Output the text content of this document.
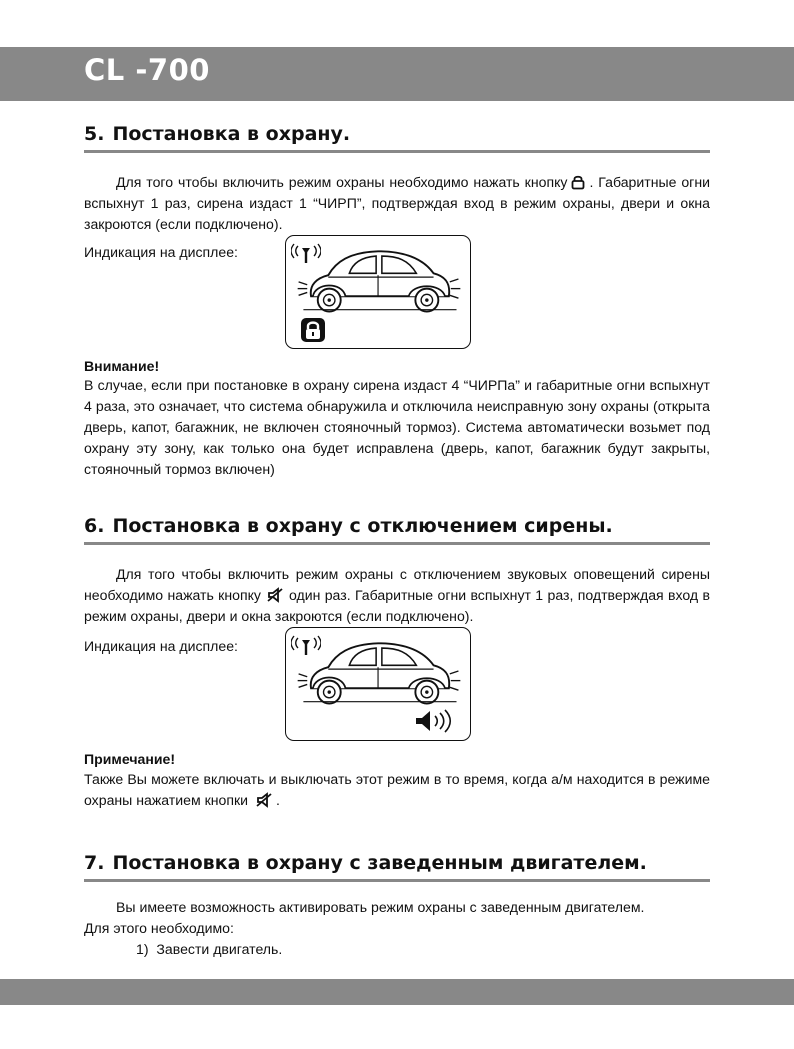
CL -700
5. Постановка в охрану.

Для того чтобы включить режим охраны необходимо нажать кнопку . Габаритные огни вспыхнут 1 раз, сирена издаст 1 “ЧИРП”, подтверждая вход в режим охраны, двери и окна закроются (если подключено).

Индикация на дисплее:

Внимание!

В случае, если при постановке в охрану сирена издаст 4 “ЧИРПа” и габаритные огни вспыхнут 4 раза, это означает, что система обнаружила и отключила неисправную зону охраны (открыта дверь, капот, багажник, не включен стояночный тормоз). Система автоматически возьмет под охрану эту зону, как только она будет исправлена (дверь, капот, багажник будут закрыты, стояночный тормоз включен)

6. Постановка в охрану с отключением сирены.

Для того чтобы включить режим охраны с отключением звуковых оповещений сирены необходимо нажать кнопку один раз. Габаритные огни вспыхнут 1 раз, подтверждая вход в режим охраны, двери и окна закроются (если подключено).

Индикация на дисплее:

Примечание!

Также Вы можете включать и выключать этот режим в то время, когда а/м находится в режиме охраны нажатием кнопки .

7. Постановка в охрану с заведенным двигателем.

Вы имеете возможность активировать режим охраны с заведенным двигателем.

Для этого необходимо:

1) Завести двигатель.
